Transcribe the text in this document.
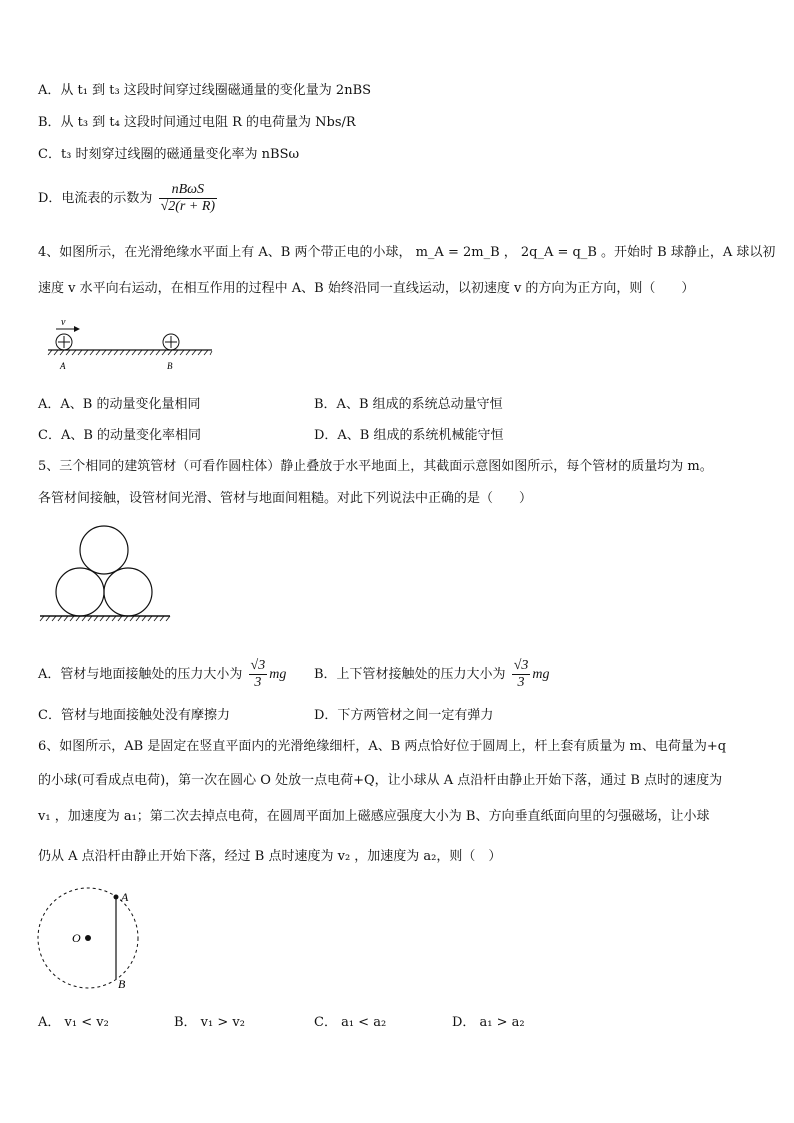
A．从 t₁ 到 t₃ 这段时间穿过线圈磁通量的变化量为 2nBS
B．从 t₃ 到 t₄ 这段时间通过电阻 R 的电荷量为 Nbs/R
C．t₃ 时刻穿过线圈的磁通量变化率为 nBSω
D．电流表的示数为 $\frac{\text{nBωS}}{√2(r + R)}$
4、如图所示，在光滑绝缘水平面上有 A、B 两个带正电的小球， m_A = 2m_B ， 2q_A = q_B 。开始时 B 球静止，A 球以初
速度 v 水平向右运动，在相互作用的过程中 A、B 始终沿同一直线运动，以初速度 v 的方向为正方向，则（　　）
v
A	B
A．A、B 的动量变化量相同	B．A、B 组成的系统总动量守恒
C．A、B 的动量变化率相同	D．A、B 组成的系统机械能守恒
5、三个相同的建筑管材（可看作圆柱体）静止叠放于水平地面上，其截面示意图如图所示，每个管材的质量均为 m。
各管材间接触，设管材间光滑、管材与地面间粗糙。对此下列说法中正确的是（　　）
A．管材与地面接触处的压力大小为 $\frac{√3}{3}$ mg B．上下管材接触处的压力大小为 $\frac{√3}{3}$ mg
C．管材与地面接触处没有摩擦力	D．下方两管材之间一定有弹力
6、如图所示，AB 是固定在竖直平面内的光滑绝缘细杆，A、B 两点恰好位于圆周上，杆上套有质量为 m、电荷量为+q
的小球(可看成点电荷)，第一次在圆心 O 处放一点电荷+Q，让小球从 A 点沿杆由静止开始下落，通过 B 点时的速度为
v₁ ，加速度为 a₁；第二次去掉点电荷，在圆周平面加上磁感应强度大小为 B、方向垂直纸面向里的匀强磁场，让小球
仍从 A 点沿杆由静止开始下落，经过 B 点时速度为 v₂ ，加速度为 a₂，则（　）
O
A
B
A． v₁ < v₂	B． v₁ > v₂	C． a₁ < a₂	D． a₁ > a₂
